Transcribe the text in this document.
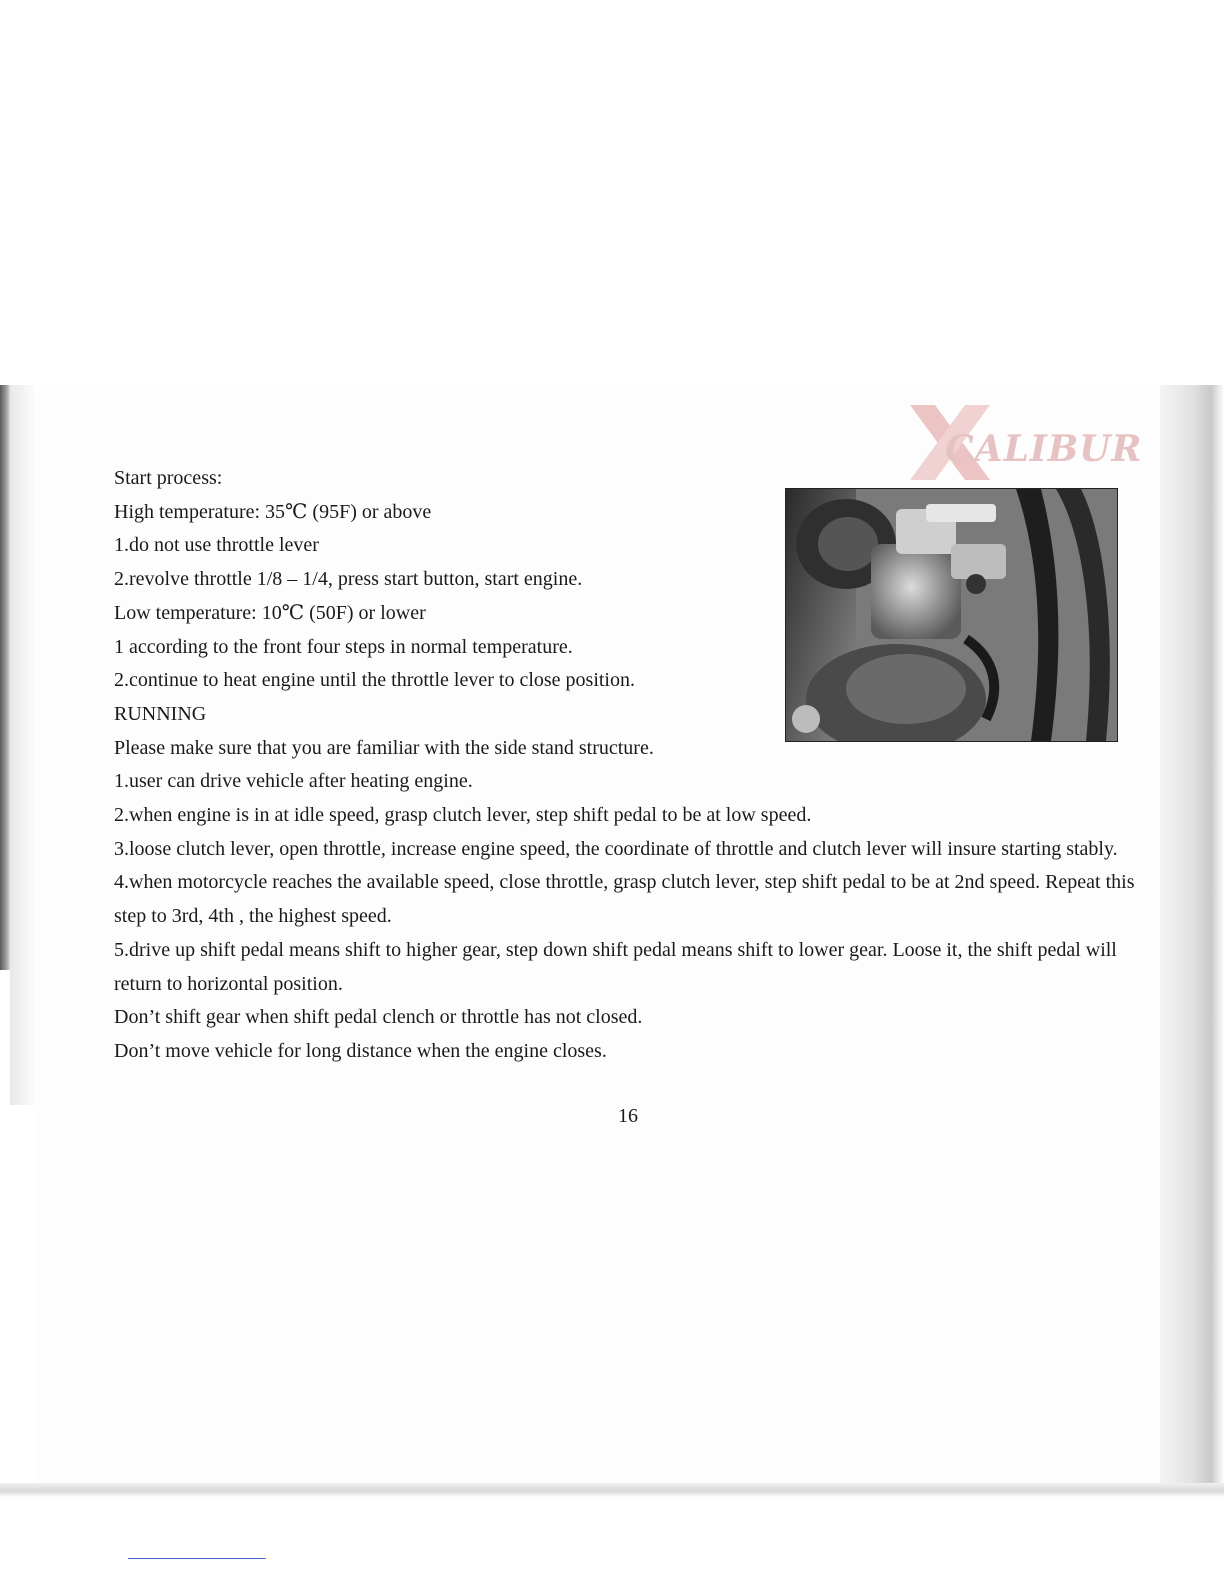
CALIBUR

Start process:

High temperature: 35℃ (95F) or above

1.do not use throttle lever

2.revolve throttle 1/8 – 1/4, press start button, start engine.

Low temperature: 10℃ (50F) or lower

1 according to the front four steps in normal temperature.

2.continue to heat engine until the throttle lever to close position.

RUNNING

Please make sure that you are familiar with the side stand structure.

1.user can drive vehicle after heating engine.

2.when engine is in at idle speed, grasp clutch lever, step shift pedal to be at low speed.

3.loose clutch lever, open throttle, increase engine speed, the coordinate of throttle and clutch lever will insure starting stably.

4.when motorcycle reaches the available speed, close throttle, grasp clutch lever, step shift pedal to be at 2nd speed. Repeat this step to 3rd, 4th , the highest speed.

5.drive up shift pedal means shift to higher gear, step down shift pedal means shift to lower gear. Loose it, the shift pedal will return to horizontal position.

Don’t shift gear when shift pedal clench or throttle has not closed.

Don’t move vehicle for long distance when the engine closes.

16
